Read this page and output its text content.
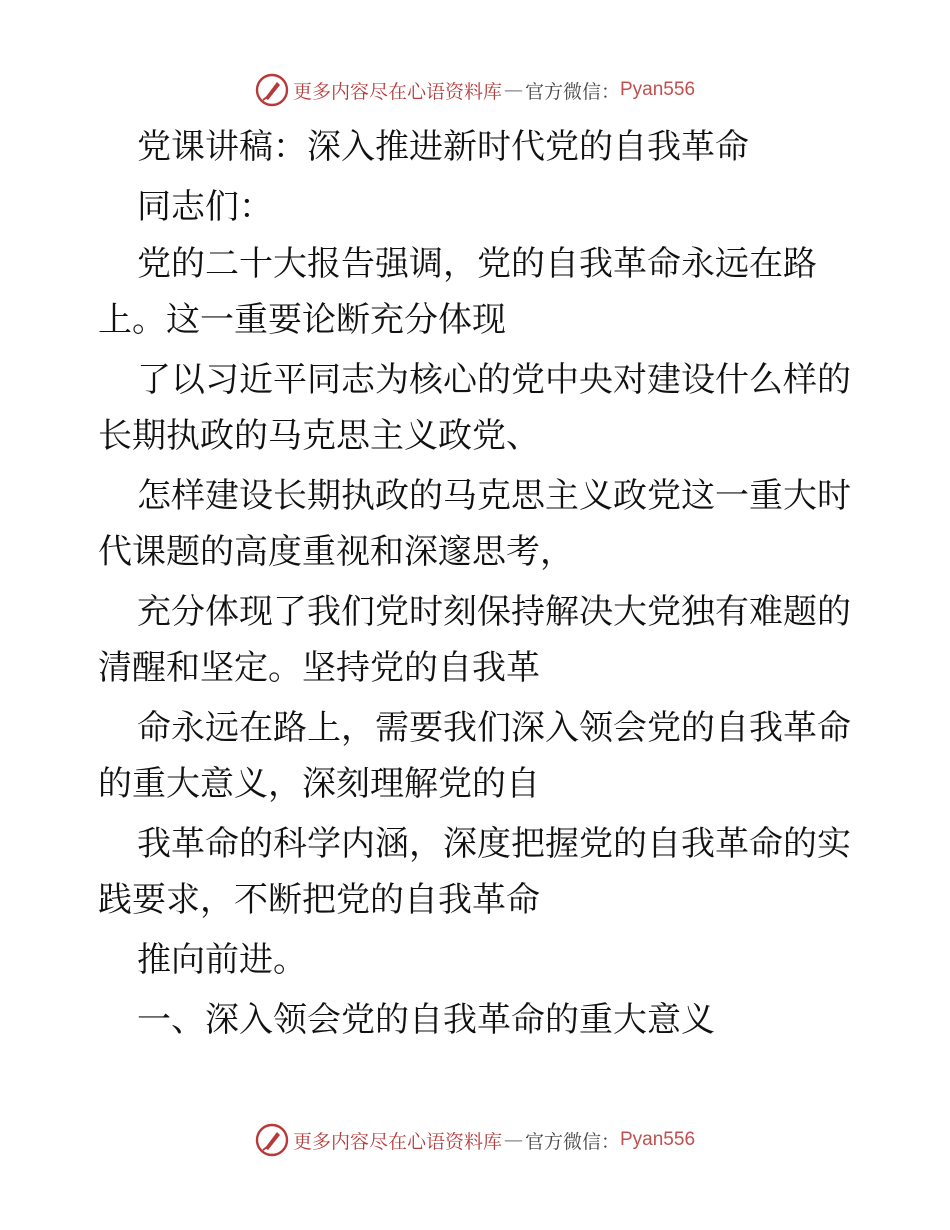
更多内容尽在心语资料库 — 官方微信： Pyan556
党课讲稿：深入推进新时代党的自我革命
同志们：
党的二十大报告强调，党的自我革命永远在路
上。这一重要论断充分体现
了以习近平同志为核心的党中央对建设什么样的
长期执政的马克思主义政党、
怎样建设长期执政的马克思主义政党这一重大时
代课题的高度重视和深邃思考，
充分体现了我们党时刻保持解决大党独有难题的
清醒和坚定。坚持党的自我革
命永远在路上，需要我们深入领会党的自我革命
的重大意义，深刻理解党的自
我革命的科学内涵，深度把握党的自我革命的实
践要求，不断把党的自我革命
推向前进。
一、深入领会党的自我革命的重大意义
更多内容尽在心语资料库 — 官方微信： Pyan556
